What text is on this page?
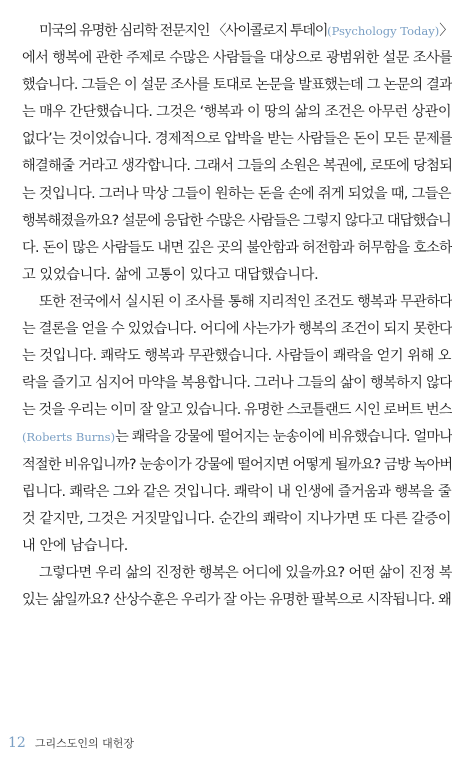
미국의 유명한 심리학 전문지인 〈사이콜로지 투데이(Psychology Today)〉
에서 행복에 관한 주제로 수많은 사람들을 대상으로 광범위한 설문 조사를
했습니다. 그들은 이 설문 조사를 토대로 논문을 발표했는데 그 논문의 결과
는 매우 간단했습니다. 그것은 ‘행복과 이 땅의 삶의 조건은 아무런 상관이
없다’는 것이었습니다. 경제적으로 압박을 받는 사람들은 돈이 모든 문제를
해결해줄 거라고 생각합니다. 그래서 그들의 소원은 복권에, 로또에 당첨되
는 것입니다. 그러나 막상 그들이 원하는 돈을 손에 쥐게 되었을 때, 그들은
행복해졌을까요? 설문에 응답한 수많은 사람들은 그렇지 않다고 대답했습니
다. 돈이 많은 사람들도 내면 깊은 곳의 불안함과 허전함과 허무함을 호소하
고 있었습니다. 삶에 고통이 있다고 대답했습니다.
또한 전국에서 실시된 이 조사를 통해 지리적인 조건도 행복과 무관하다
는 결론을 얻을 수 있었습니다. 어디에 사는가가 행복의 조건이 되지 못한다
는 것입니다. 쾌락도 행복과 무관했습니다. 사람들이 쾌락을 얻기 위해 오
락을 즐기고 심지어 마약을 복용합니다. 그러나 그들의 삶이 행복하지 않다
는 것을 우리는 이미 잘 알고 있습니다. 유명한 스코틀랜드 시인 로버트 번스
(Roberts Burns)는 쾌락을 강물에 떨어지는 눈송이에 비유했습니다. 얼마나
적절한 비유입니까? 눈송이가 강물에 떨어지면 어떻게 될까요? 금방 녹아버
립니다. 쾌락은 그와 같은 것입니다. 쾌락이 내 인생에 즐거움과 행복을 줄
것 같지만, 그것은 거짓말입니다. 순간의 쾌락이 지나가면 또 다른 갈증이
내 안에 남습니다.
그렇다면 우리 삶의 진정한 행복은 어디에 있을까요? 어떤 삶이 진정 복
있는 삶일까요? 산상수훈은 우리가 잘 아는 유명한 팔복으로 시작됩니다. 왜
12 그리스도인의 대헌장
